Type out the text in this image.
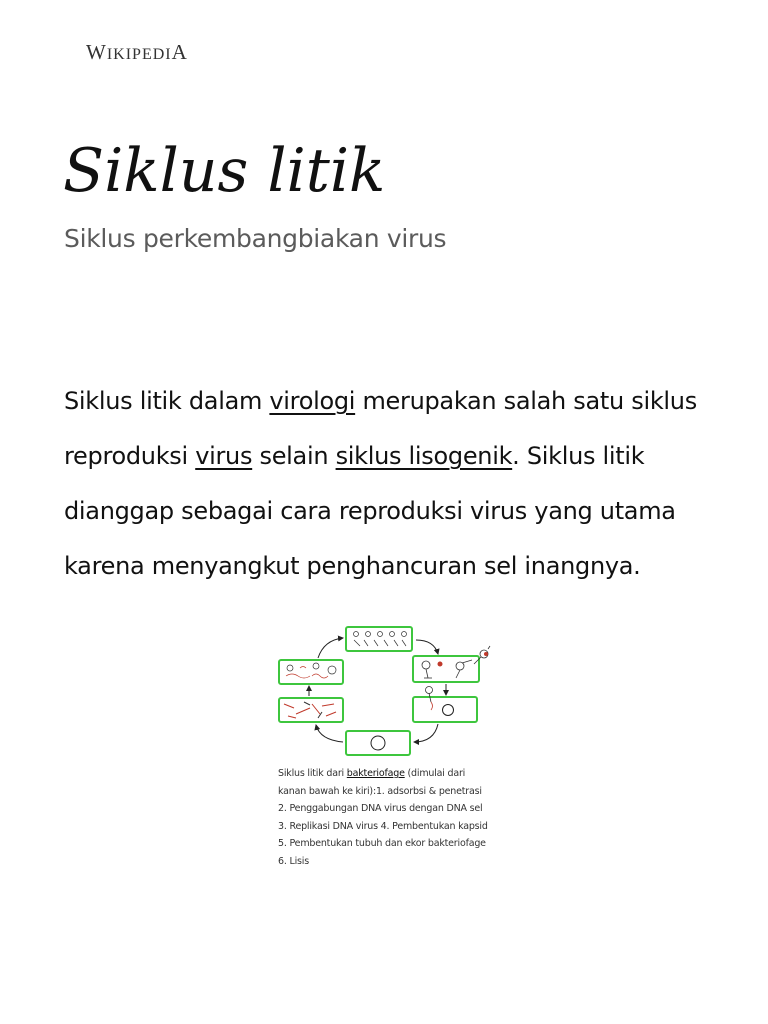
WIKIPEDIA
Siklus litik
Siklus perkembangbiakan virus

Siklus litik dalam virologi merupakan salah satu siklus reproduksi virus selain siklus lisogenik. Siklus litik dianggap sebagai cara reproduksi virus yang utama karena menyangkut penghancuran sel inangnya.

Siklus litik dari bakteriofage (dimulai dari kanan bawah ke kiri):1. adsorbsi & penetrasi 2. Penggabungan DNA virus dengan DNA sel 3. Replikasi DNA virus 4. Pembentukan kapsid 5. Pembentukan tubuh dan ekor bakteriofage 6. Lisis
